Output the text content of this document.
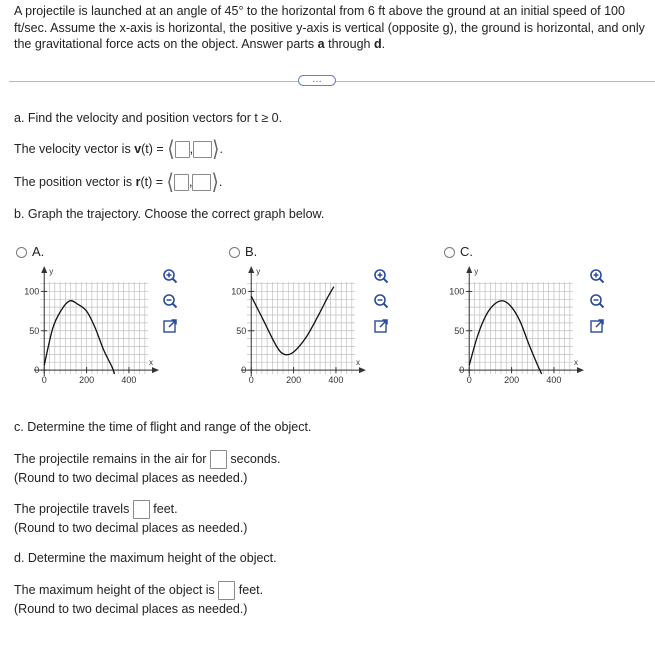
A projectile is launched at an angle of 45° to the horizontal from 6 ft above the ground at an initial speed of 100 ft/sec. Assume the x-axis is horizontal, the positive y-axis is vertical (opposite g), the ground is horizontal, and only the gravitational force acts on the object. Answer parts a through d.
…
a. Find the velocity and position vectors for t ≥ 0.
The velocity vector is v(t) = ⟨ , ⟩.
The position vector is r(t) = ⟨ , ⟩.
b. Graph the trajectory. Choose the correct graph below.
A.	B.	C.
y
x
0
50
100
0	200	400
y
x
0
50
100
0	200	400
y
x
0
50
100
0	200	400
c. Determine the time of flight and range of the object.
The projectile remains in the air for seconds.
(Round to two decimal places as needed.)
The projectile travels feet.
(Round to two decimal places as needed.)
d. Determine the maximum height of the object.
The maximum height of the object is feet.
(Round to two decimal places as needed.)
